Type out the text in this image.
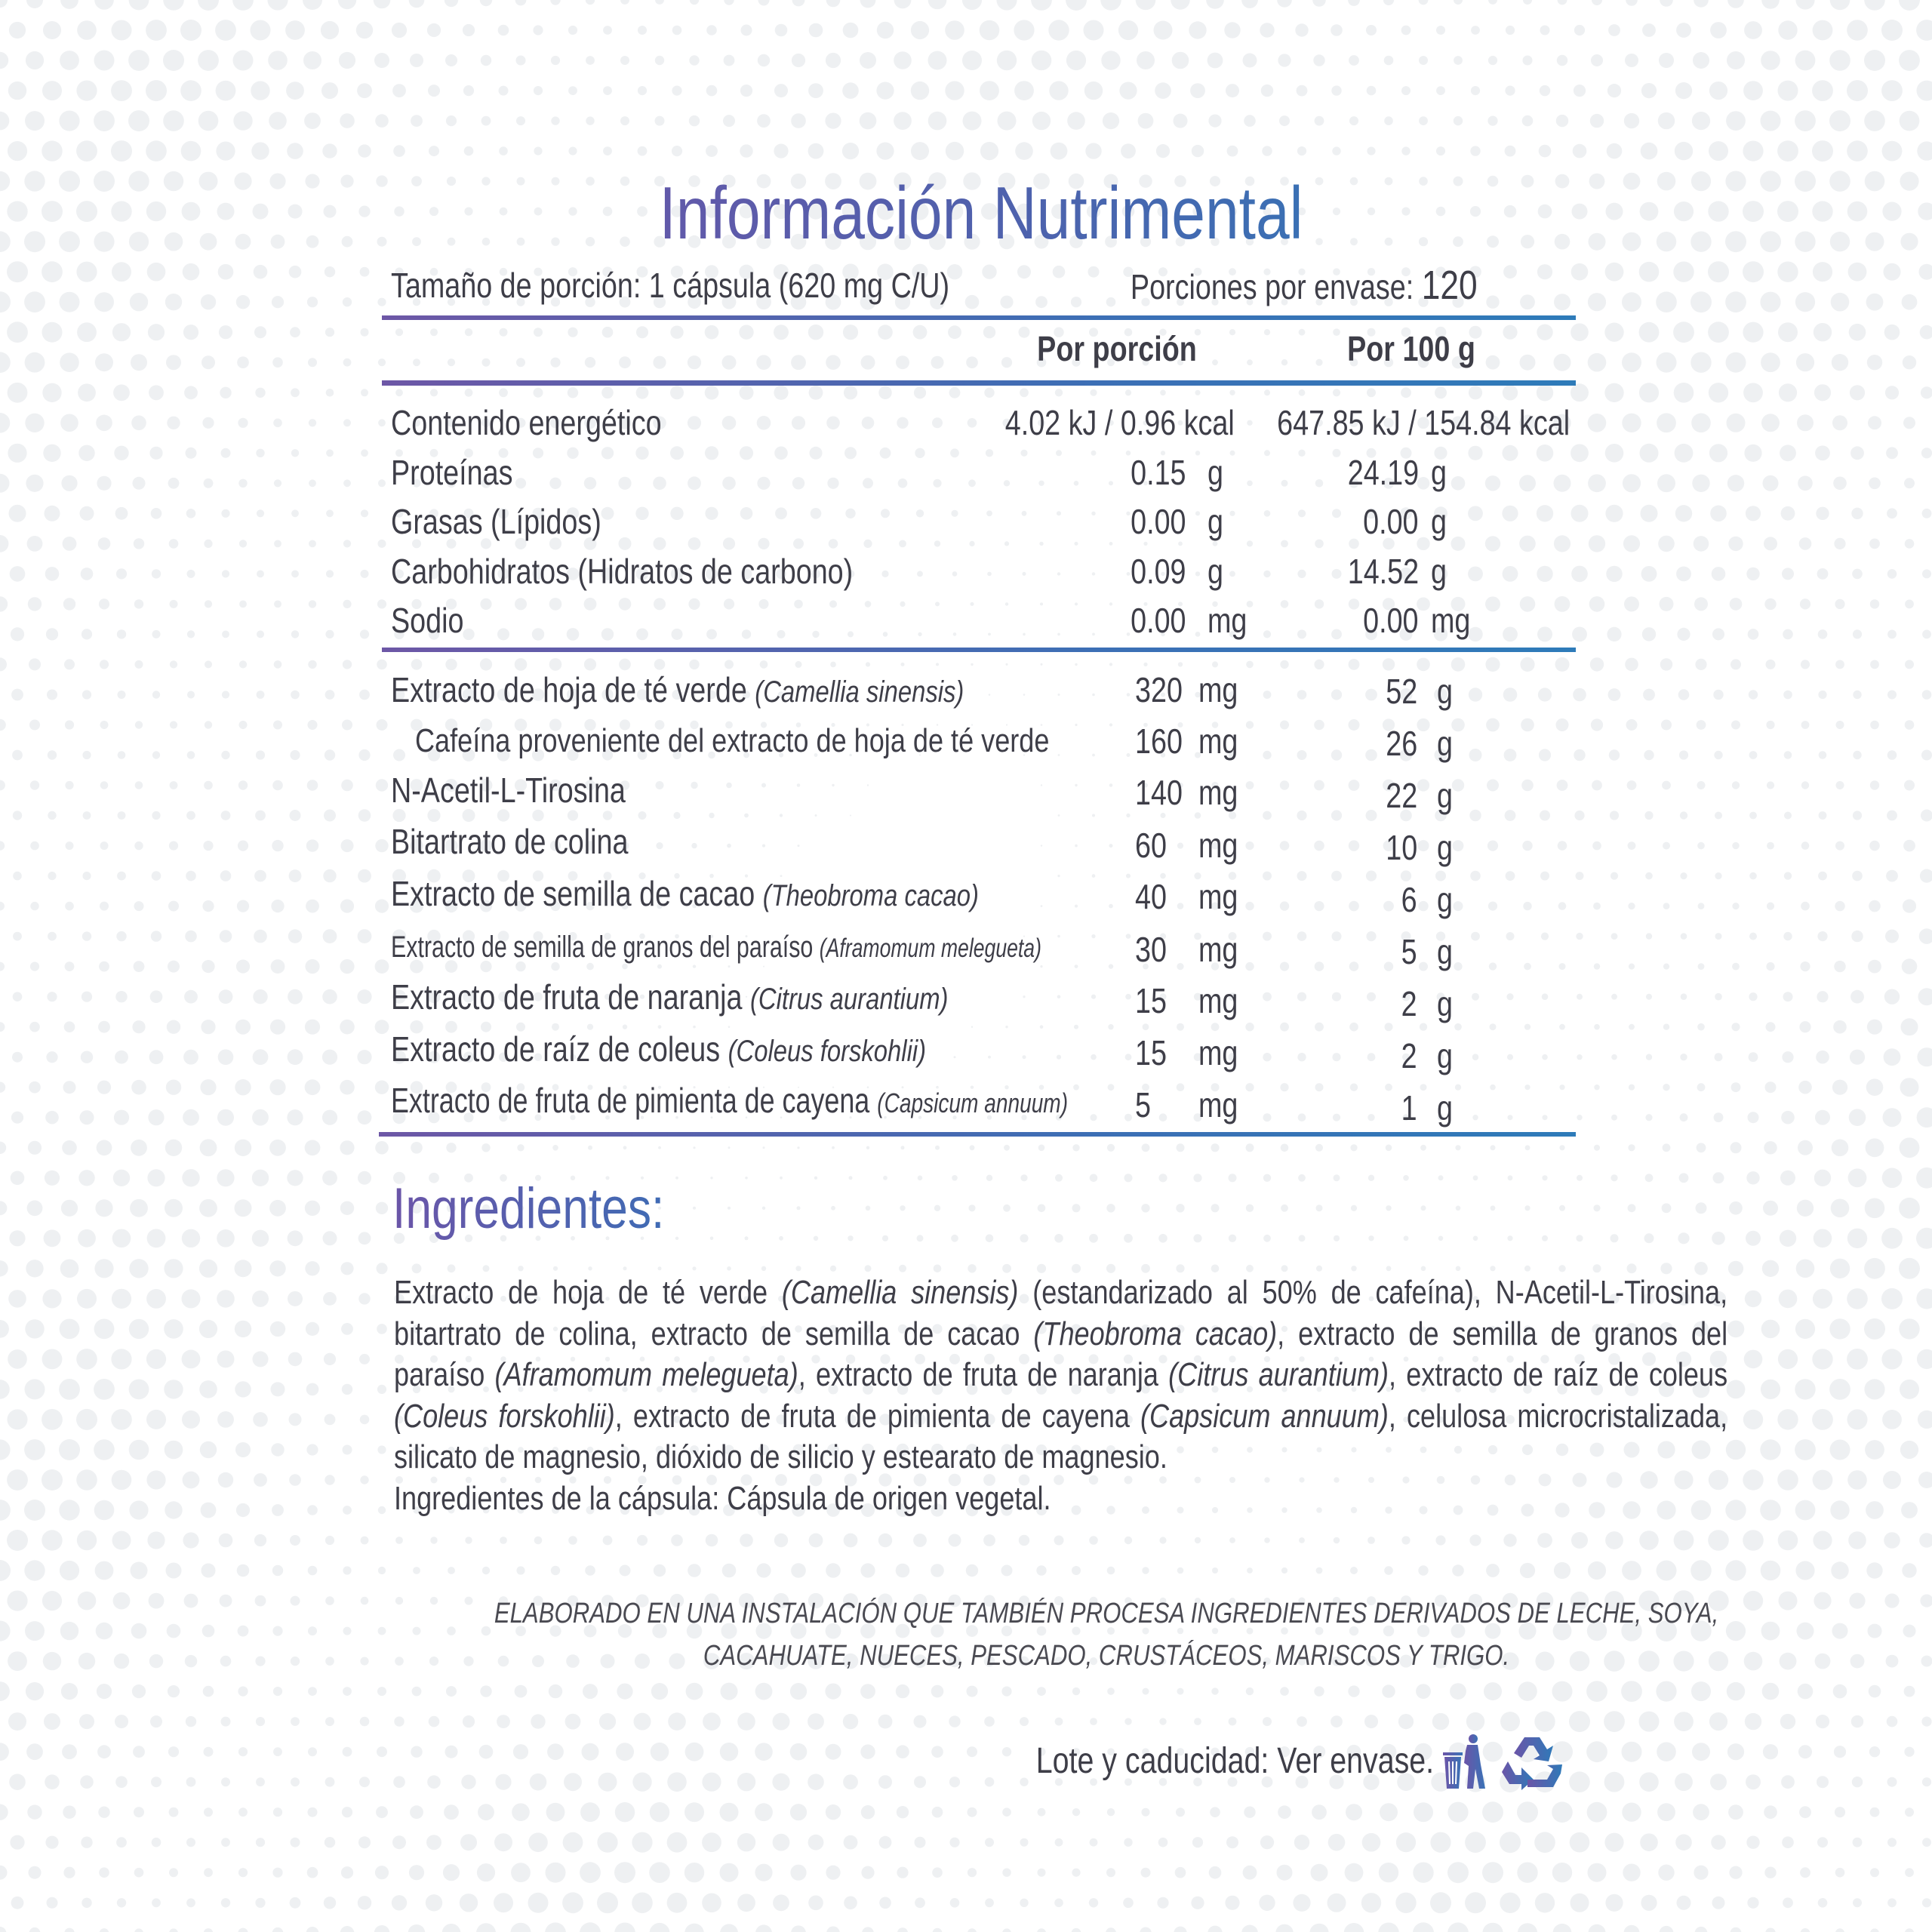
Información Nutrimental
Tamaño de porción: 1 cápsula (620 mg C/U)	Porciones por envase: 120
Por porción	Por 100 g
Contenido energético	4.02 kJ / 0.96 kcal 647.85 kJ / 154.84 kcal
Proteínas	0.15 g	24.19 g
Grasas (Lípidos)	0.00 g	0.00 g
Carbohidratos (Hidratos de carbono)	0.09 g	14.52 g
Sodio	0.00 mg	0.00 mg
Extracto de hoja de té verde (Camellia sinensis)	320 mg	52 g
Cafeína proveniente del extracto de hoja de té verde 160 mg	26 g
N-Acetil-L-Tirosina	140 mg	22 g
Bitartrato de colina	60 mg	10 g
Extracto de semilla de cacao (Theobroma cacao)	40 mg	6 g
Extracto de semilla de granos del paraíso (Aframomum melegueta)	30 mg	5 g
Extracto de fruta de naranja (Citrus aurantium)	15 mg	2 g
Extracto de raíz de coleus (Coleus forskohlii)	15 mg	2 g
Extracto de fruta de pimienta de cayena (Capsicum annuum) 5 mg	1 g
Ingredientes:

Extracto de hoja de té verde (Camellia sinensis) (estandarizado al 50% de cafeína), N-Acetil-L-Tirosina, bitartrato de colina, extracto de semilla de cacao (Theobroma cacao), extracto de semilla de granos del paraíso (Aframomum melegueta), extracto de fruta de naranja (Citrus aurantium), extracto de raíz de coleus (Coleus forskohlii), extracto de fruta de pimienta de cayena (Capsicum annuum), celulosa microcristalizada, silicato de magnesio, dióxido de silicio y estearato de magnesio.

Ingredientes de la cápsula: Cápsula de origen vegetal.

ELABORADO EN UNA INSTALACIÓN QUE TAMBIÉN PROCESA INGREDIENTES DERIVADOS DE LECHE, SOYA,
CACAHUATE, NUECES, PESCADO, CRUSTÁCEOS, MARISCOS Y TRIGO.
Lote y caducidad: Ver envase.
